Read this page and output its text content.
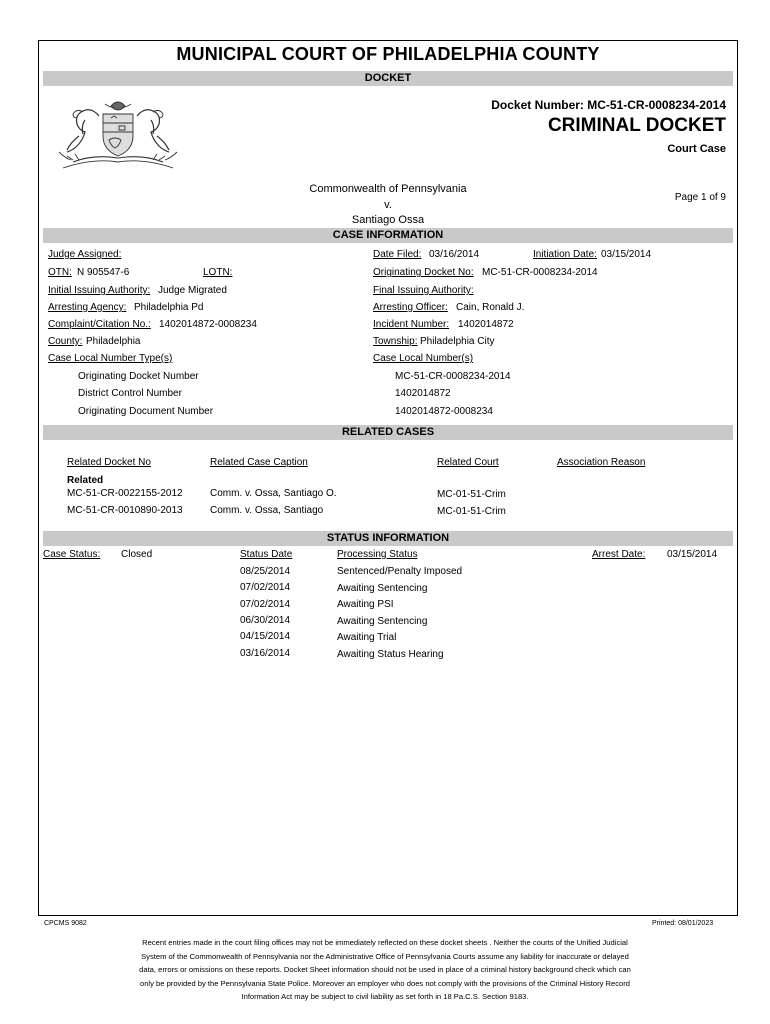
MUNICIPAL COURT OF PHILADELPHIA COUNTY
DOCKET
Docket Number: MC-51-CR-0008234-2014
CRIMINAL DOCKET
Court Case
Page 1 of 9
Commonwealth of Pennsylvania
v.
Santiago Ossa
CASE INFORMATION
Judge Assigned:	Date Filed: 03/16/2014	Initiation Date: 03/15/2014
OTN: N 905547-6	LOTN:	Originating Docket No: MC-51-CR-0008234-2014
Initial Issuing Authority: Judge Migrated	Final Issuing Authority:
Arresting Agency: Philadelphia Pd	Arresting Officer: Cain, Ronald J.
Complaint/Citation No.: 1402014872-0008234	Incident Number: 1402014872
County: Philadelphia	Township: Philadelphia City
Case Local Number Type(s)	Case Local Number(s)
Originating Docket Number	MC-51-CR-0008234-2014
District Control Number	1402014872
Originating Document Number	1402014872-0008234
RELATED CASES
Related Docket No	Related Case Caption	Related Court	Association Reason
Related
MC-51-CR-0022155-2012	Comm. v. Ossa, Santiago O.	MC-01-51-Crim
MC-51-CR-0010890-2013	Comm. v. Ossa, Santiago	MC-01-51-Crim
STATUS INFORMATION
Case Status: Closed	Status Date	Processing Status	Arrest Date: 03/15/2014
08/25/2014	Sentenced/Penalty Imposed
07/02/2014	Awaiting Sentencing
07/02/2014	Awaiting PSI
06/30/2014	Awaiting Sentencing
04/15/2014	Awaiting Trial
03/16/2014	Awaiting Status Hearing
CPCMS 9082	Printed: 08/01/2023
Recent entries made in the court filing offices may not be immediately reflected on these docket sheets . Neither the courts of the Unified Judicial
System of the Commonwealth of Pennsylvania nor the Administrative Office of Pennsylvania Courts assume any liability for inaccurate or delayed
data, errors or omissions on these reports. Docket Sheet information should not be used in place of a criminal history background check which can
only be provided by the Pennsylvania State Police. Moreover an employer who does not comply with the provisions of the Criminal History Record
Information Act may be subject to civil liability as set forth in 18 Pa.C.S. Section 9183.
